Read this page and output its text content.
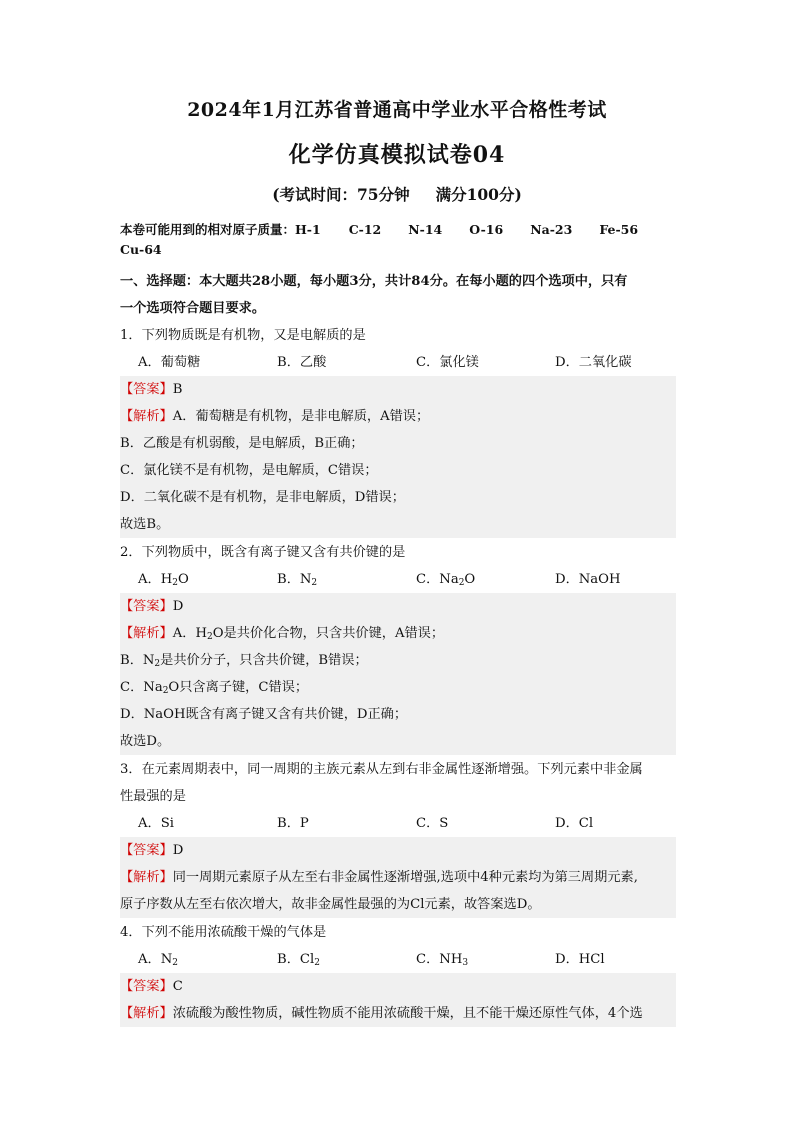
2024年1月江苏省普通高中学业水平合格性考试
化学仿真模拟试卷04
(考试时间：75分钟 满分100分)
本卷可能用到的相对原子质量：H-1 C-12 N-14 O-16 Na-23 Fe-56
Cu-64
一、选择题：本大题共28小题，每小题3分，共计84分。在每小题的四个选项中，只有
一个选项符合题目要求。
1．下列物质既是有机物，又是电解质的是
A．葡萄糖	B．乙酸	C．氯化镁	D．二氧化碳
【答案】B
【解析】A．葡萄糖是有机物，是非电解质，A错误；
B．乙酸是有机弱酸，是电解质，B正确；
C．氯化镁不是有机物，是电解质，C错误；
D．二氧化碳不是有机物，是非电解质，D错误；
故选B。
2．下列物质中，既含有离子键又含有共价键的是
A．$H_2O$	B．$N_2$	C．$Na_2O$	D．NaOH
【答案】D
【解析】A．$H_2O$是共价化合物，只含共价键，A错误；
B．$N_2$是共价分子，只含共价键，B错误；
C．$Na_2O$只含离子键，C错误；
D．NaOH既含有离子键又含有共价键，D正确；
故选D。
3．在元素周期表中，同一周期的主族元素从左到右非金属性逐渐增强。下列元素中非金属
性最强的是
A．Si	B．P	C．S	D．Cl
【答案】D
【解析】同一周期元素原子从左至右非金属性逐渐增强,选项中4种元素均为第三周期元素,
原子序数从左至右依次增大，故非金属性最强的为Cl元素，故答案选D。
4．下列不能用浓硫酸干燥的气体是
A．$N_2$	B．$Cl_2$	C．$NH_3$	D．HCl
【答案】C
【解析】浓硫酸为酸性物质，碱性物质不能用浓硫酸干燥，且不能干燥还原性气体，4个选
